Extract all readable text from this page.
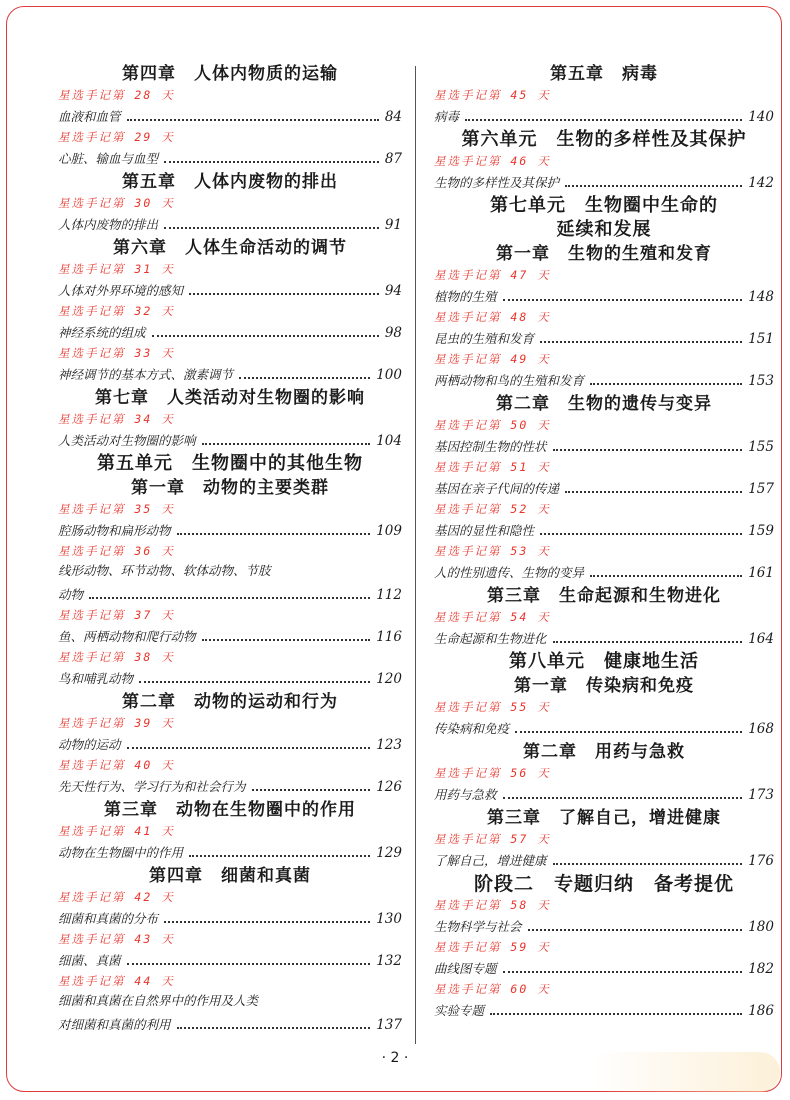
第四章　人体内物质的运输
星选手记第 28 天
血液和血管	84
星选手记第 29 天
心脏、输血与血型	87
第五章　人体内废物的排出
星选手记第 30 天
人体内废物的排出	91
第六章　人体生命活动的调节
星选手记第 31 天
人体对外界环境的感知	94
星选手记第 32 天
神经系统的组成	98
星选手记第 33 天
神经调节的基本方式、激素调节	100
第七章　人类活动对生物圈的影响
星选手记第 34 天
人类活动对生物圈的影响	104
第五单元　生物圈中的其他生物
第一章　动物的主要类群
星选手记第 35 天
腔肠动物和扁形动物	109
星选手记第 36 天
线形动物、环节动物、软体动物、节肢
动物	112
星选手记第 37 天
鱼、两栖动物和爬行动物	116
星选手记第 38 天
鸟和哺乳动物	120
第二章　动物的运动和行为
星选手记第 39 天
动物的运动	123
星选手记第 40 天
先天性行为、学习行为和社会行为	126
第三章　动物在生物圈中的作用
星选手记第 41 天
动物在生物圈中的作用	129
第四章　细菌和真菌
星选手记第 42 天
细菌和真菌的分布	130
星选手记第 43 天
细菌、真菌	132
星选手记第 44 天
细菌和真菌在自然界中的作用及人类
对细菌和真菌的利用	137
第五章　病毒
星选手记第 45 天
病毒	140
第六单元　生物的多样性及其保护
星选手记第 46 天
生物的多样性及其保护	142
第七单元　生物圈中生命的
延续和发展
第一章　生物的生殖和发育
星选手记第 47 天
植物的生殖	148
星选手记第 48 天
昆虫的生殖和发育	151
星选手记第 49 天
两栖动物和鸟的生殖和发育	153
第二章　生物的遗传与变异
星选手记第 50 天
基因控制生物的性状	155
星选手记第 51 天
基因在亲子代间的传递	157
星选手记第 52 天
基因的显性和隐性	159
星选手记第 53 天
人的性别遗传、生物的变异	161
第三章　生命起源和生物进化
星选手记第 54 天
生命起源和生物进化	164
第八单元　健康地生活
第一章　传染病和免疫
星选手记第 55 天
传染病和免疫	168
第二章　用药与急救
星选手记第 56 天
用药与急救	173
第三章　了解自己，增进健康
星选手记第 57 天
了解自己，增进健康	176
阶段二　专题归纳　备考提优
星选手记第 58 天
生物科学与社会	180
星选手记第 59 天
曲线图专题	182
星选手记第 60 天
实验专题	186
· 2 ·
